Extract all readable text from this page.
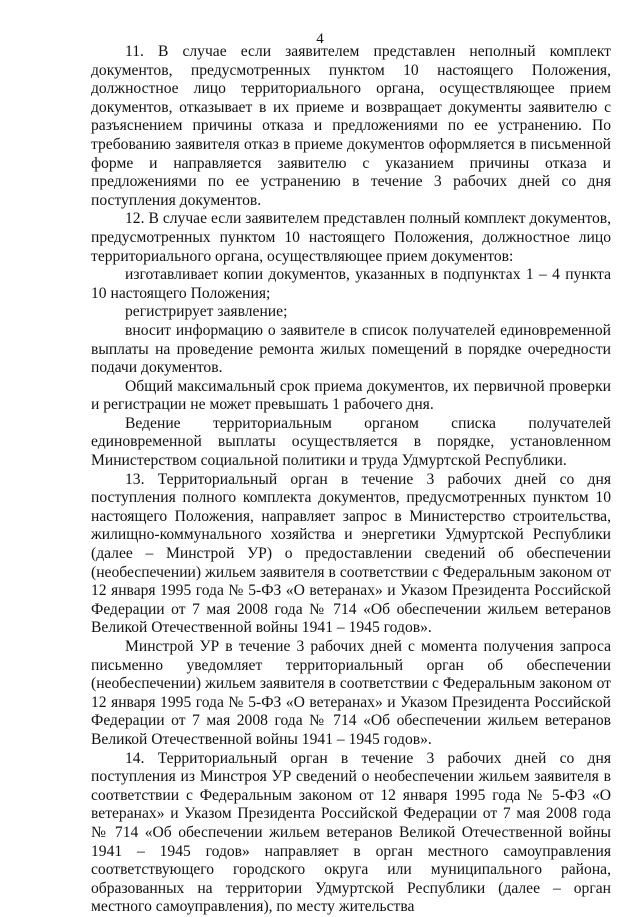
4

11. В случае если заявителем представлен неполный комплект документов, предусмотренных пунктом 10 настоящего Положения, должностное лицо территориального органа, осуществляющее прием документов, отказывает в их приеме и возвращает документы заявителю с разъяснением причины отказа и предложениями по ее устранению. По требованию заявителя отказ в приеме документов оформляется в письменной форме и направляется заявителю с указанием причины отказа и предложениями по ее устранению в течение 3 рабочих дней со дня поступления документов.

12. В случае если заявителем представлен полный комплект документов, предусмотренных пунктом 10 настоящего Положения, должностное лицо территориального органа, осуществляющее прием документов:

изготавливает копии документов, указанных в подпунктах 1 – 4 пункта 10 настоящего Положения;

регистрирует заявление;

вносит информацию о заявителе в список получателей единовременной выплаты на проведение ремонта жилых помещений в порядке очередности подачи документов.

Общий максимальный срок приема документов, их первичной проверки и регистрации не может превышать 1 рабочего дня.

Ведение территориальным органом списка получателей единовременной выплаты осуществляется в порядке, установленном Министерством социальной политики и труда Удмуртской Республики.

13. Территориальный орган в течение 3 рабочих дней со дня поступления полного комплекта документов, предусмотренных пунктом 10 настоящего Положения, направляет запрос в Министерство строительства, жилищно-коммунального хозяйства и энергетики Удмуртской Республики (далее – Минстрой УР) о предоставлении сведений об обеспечении (необеспечении) жильем заявителя в соответствии с Федеральным законом от 12 января 1995 года № 5-ФЗ «О ветеранах» и Указом Президента Российской Федерации от 7 мая 2008 года № 714 «Об обеспечении жильем ветеранов Великой Отечественной войны 1941 – 1945 годов».

Минстрой УР в течение 3 рабочих дней с момента получения запроса письменно уведомляет территориальный орган об обеспечении (необеспечении) жильем заявителя в соответствии с Федеральным законом от 12 января 1995 года № 5-ФЗ «О ветеранах» и Указом Президента Российской Федерации от 7 мая 2008 года № 714 «Об обеспечении жильем ветеранов Великой Отечественной войны 1941 – 1945 годов».

14. Территориальный орган в течение 3 рабочих дней со дня поступления из Минстроя УР сведений о необеспечении жильем заявителя в соответствии с Федеральным законом от 12 января 1995 года № 5-ФЗ «О ветеранах» и Указом Президента Российской Федерации от 7 мая 2008 года № 714 «Об обеспечении жильем ветеранов Великой Отечественной войны 1941 – 1945 годов» направляет в орган местного самоуправления соответствующего городского округа или муниципального района, образованных на территории Удмуртской Республики (далее – орган местного самоуправления), по месту жительства
